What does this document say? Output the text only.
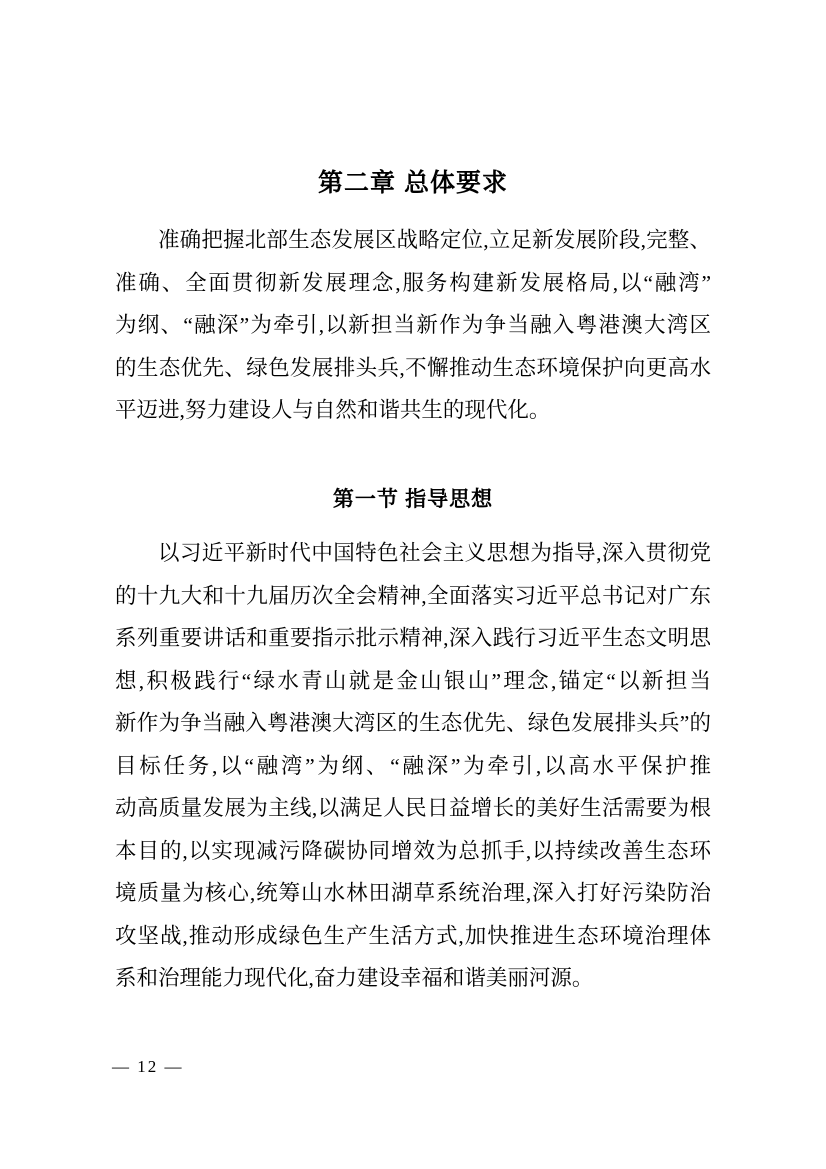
第二章 总体要求
准确把握北部生态发展区战略定位,立足新发展阶段,完整、
准确、全面贯彻新发展理念,服务构建新发展格局,以“融湾”
为纲、“融深”为牵引,以新担当新作为争当融入粤港澳大湾区
的生态优先、绿色发展排头兵,不懈推动生态环境保护向更高水
平迈进,努力建设人与自然和谐共生的现代化。
第一节 指导思想
以习近平新时代中国特色社会主义思想为指导,深入贯彻党
的十九大和十九届历次全会精神,全面落实习近平总书记对广东
系列重要讲话和重要指示批示精神,深入践行习近平生态文明思
想,积极践行“绿水青山就是金山银山”理念,锚定“以新担当
新作为争当融入粤港澳大湾区的生态优先、绿色发展排头兵”的
目标任务,以“融湾”为纲、“融深”为牵引,以高水平保护推
动高质量发展为主线,以满足人民日益增长的美好生活需要为根
本目的,以实现减污降碳协同增效为总抓手,以持续改善生态环
境质量为核心,统筹山水林田湖草系统治理,深入打好污染防治
攻坚战,推动形成绿色生产生活方式,加快推进生态环境治理体
系和治理能力现代化,奋力建设幸福和谐美丽河源。
— 12 —
